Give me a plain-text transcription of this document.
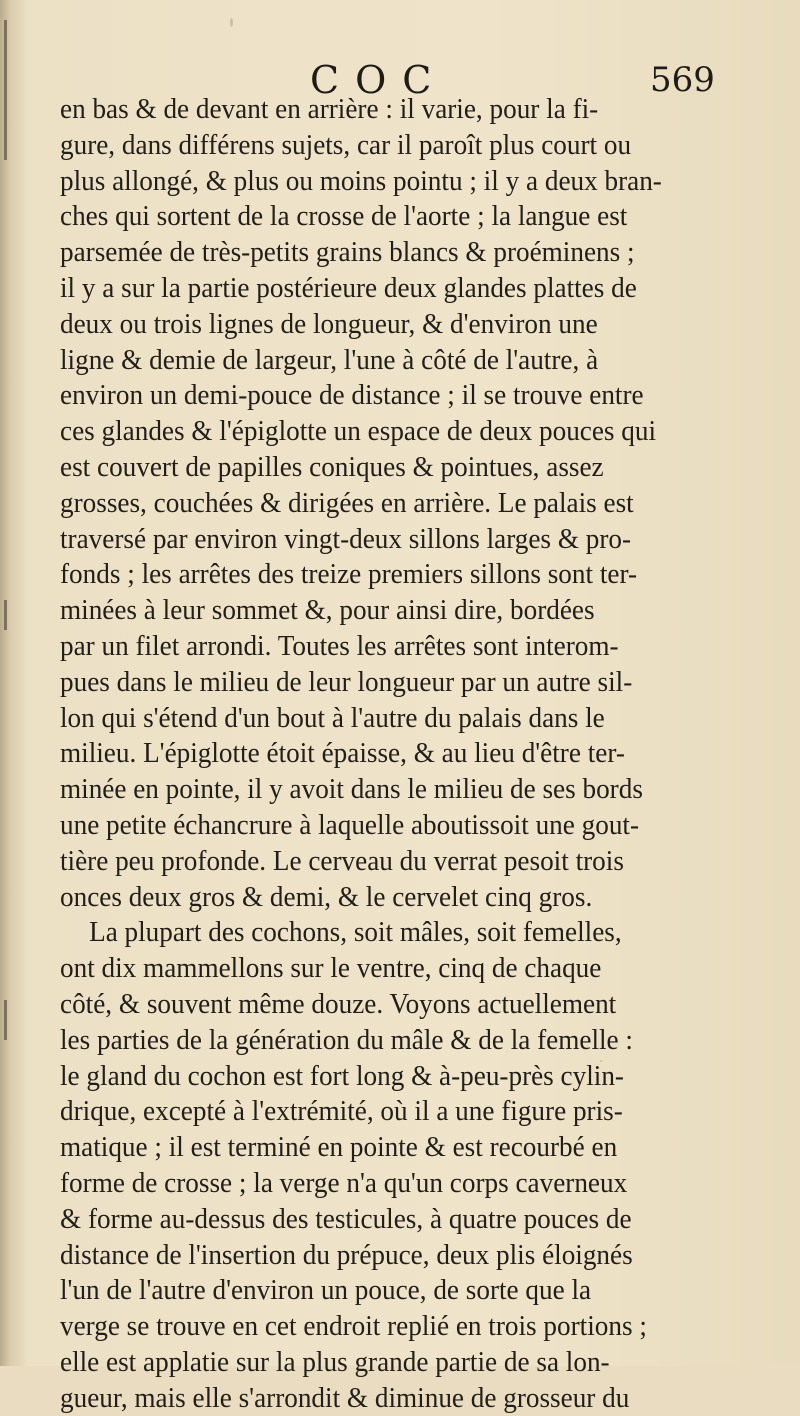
COC	569
en bas & de devant en arrière : il varie, pour la fi-
gure, dans différens sujets, car il paroît plus court ou
plus allongé, & plus ou moins pointu ; il y a deux bran-
ches qui sortent de la crosse de l'aorte ; la langue est
parsemée de très-petits grains blancs & proéminens ;
il y a sur la partie postérieure deux glandes plattes de
deux ou trois lignes de longueur, & d'environ une
ligne & demie de largeur, l'une à côté de l'autre, à
environ un demi-pouce de distance ; il se trouve entre
ces glandes & l'épiglotte un espace de deux pouces qui
est couvert de papilles coniques & pointues, assez
grosses, couchées & dirigées en arrière. Le palais est
traversé par environ vingt-deux sillons larges & pro-
fonds ; les arrêtes des treize premiers sillons sont ter-
minées à leur sommet &, pour ainsi dire, bordées
par un filet arrondi. Toutes les arrêtes sont interom-
pues dans le milieu de leur longueur par un autre sil-
lon qui s'étend d'un bout à l'autre du palais dans le
milieu. L'épiglotte étoit épaisse, & au lieu d'être ter-
minée en pointe, il y avoit dans le milieu de ses bords
une petite échancrure à laquelle aboutissoit une gout-
tière peu profonde. Le cerveau du verrat pesoit trois
onces deux gros & demi, & le cervelet cinq gros.
La plupart des cochons, soit mâles, soit femelles,
ont dix mammellons sur le ventre, cinq de chaque
côté, & souvent même douze. Voyons actuellement
les parties de la génération du mâle & de la femelle :
le gland du cochon est fort long & à-peu-près cylin-
drique, excepté à l'extrémité, où il a une figure pris-
matique ; il est terminé en pointe & est recourbé en
forme de crosse ; la verge n'a qu'un corps caverneux
& forme au-dessus des testicules, à quatre pouces de
distance de l'insertion du prépuce, deux plis éloignés
l'un de l'autre d'environ un pouce, de sorte que la
verge se trouve en cet endroit replié en trois portions ;
elle est applatie sur la plus grande partie de sa lon-
gueur, mais elle s'arrondit & diminue de grosseur du
